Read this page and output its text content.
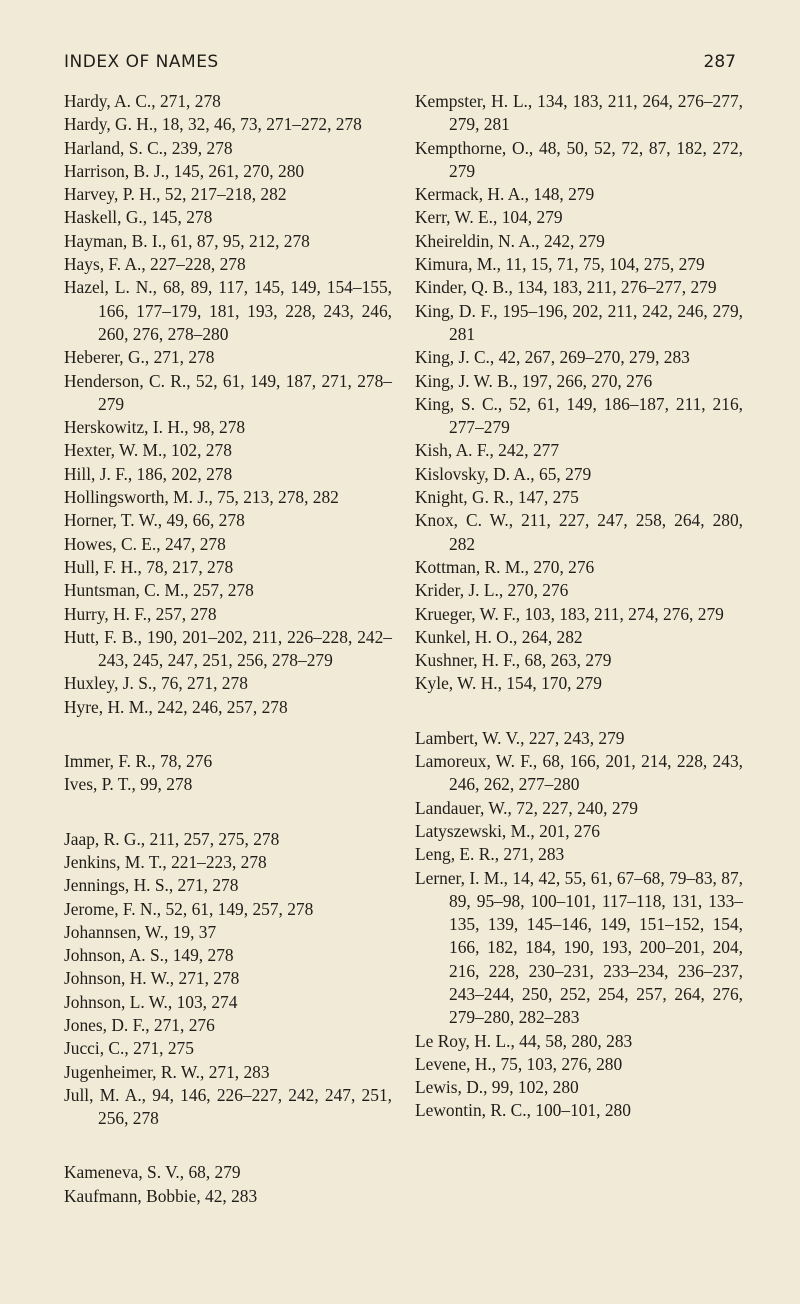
INDEX OF NAMES	287
Hardy, A. C., 271, 278
Hardy, G. H., 18, 32, 46, 73, 271–272, 278
Harland, S. C., 239, 278
Harrison, B. J., 145, 261, 270, 280
Harvey, P. H., 52, 217–218, 282
Haskell, G., 145, 278
Hayman, B. I., 61, 87, 95, 212, 278
Hays, F. A., 227–228, 278
Hazel, L. N., 68, 89, 117, 145, 149, 154–155, 166, 177–179, 181, 193, 228, 243, 246, 260, 276, 278–280
Heberer, G., 271, 278
Henderson, C. R., 52, 61, 149, 187, 271, 278–279
Herskowitz, I. H., 98, 278
Hexter, W. M., 102, 278
Hill, J. F., 186, 202, 278
Hollingsworth, M. J., 75, 213, 278, 282
Horner, T. W., 49, 66, 278
Howes, C. E., 247, 278
Hull, F. H., 78, 217, 278
Huntsman, C. M., 257, 278
Hurry, H. F., 257, 278
Hutt, F. B., 190, 201–202, 211, 226–228, 242–243, 245, 247, 251, 256, 278–279
Huxley, J. S., 76, 271, 278
Hyre, H. M., 242, 246, 257, 278
Immer, F. R., 78, 276
Ives, P. T., 99, 278
Jaap, R. G., 211, 257, 275, 278
Jenkins, M. T., 221–223, 278
Jennings, H. S., 271, 278
Jerome, F. N., 52, 61, 149, 257, 278
Johannsen, W., 19, 37
Johnson, A. S., 149, 278
Johnson, H. W., 271, 278
Johnson, L. W., 103, 274
Jones, D. F., 271, 276
Jucci, C., 271, 275
Jugenheimer, R. W., 271, 283
Jull, M. A., 94, 146, 226–227, 242, 247, 251, 256, 278
Kameneva, S. V., 68, 279
Kaufmann, Bobbie, 42, 283
Kempster, H. L., 134, 183, 211, 264, 276–277, 279, 281
Kempthorne, O., 48, 50, 52, 72, 87, 182, 272, 279
Kermack, H. A., 148, 279
Kerr, W. E., 104, 279
Kheireldin, N. A., 242, 279
Kimura, M., 11, 15, 71, 75, 104, 275, 279
Kinder, Q. B., 134, 183, 211, 276–277, 279
King, D. F., 195–196, 202, 211, 242, 246, 279, 281
King, J. C., 42, 267, 269–270, 279, 283
King, J. W. B., 197, 266, 270, 276
King, S. C., 52, 61, 149, 186–187, 211, 216, 277–279
Kish, A. F., 242, 277
Kislovsky, D. A., 65, 279
Knight, G. R., 147, 275
Knox, C. W., 211, 227, 247, 258, 264, 280, 282
Kottman, R. M., 270, 276
Krider, J. L., 270, 276
Krueger, W. F., 103, 183, 211, 274, 276, 279
Kunkel, H. O., 264, 282
Kushner, H. F., 68, 263, 279
Kyle, W. H., 154, 170, 279
Lambert, W. V., 227, 243, 279
Lamoreux, W. F., 68, 166, 201, 214, 228, 243, 246, 262, 277–280
Landauer, W., 72, 227, 240, 279
Latyszewski, M., 201, 276
Leng, E. R., 271, 283
Lerner, I. M., 14, 42, 55, 61, 67–68, 79–83, 87, 89, 95–98, 100–101, 117–118, 131, 133–135, 139, 145–146, 149, 151–152, 154, 166, 182, 184, 190, 193, 200–201, 204, 216, 228, 230–231, 233–234, 236–237, 243–244, 250, 252, 254, 257, 264, 276, 279–280, 282–283
Le Roy, H. L., 44, 58, 280, 283
Levene, H., 75, 103, 276, 280
Lewis, D., 99, 102, 280
Lewontin, R. C., 100–101, 280
